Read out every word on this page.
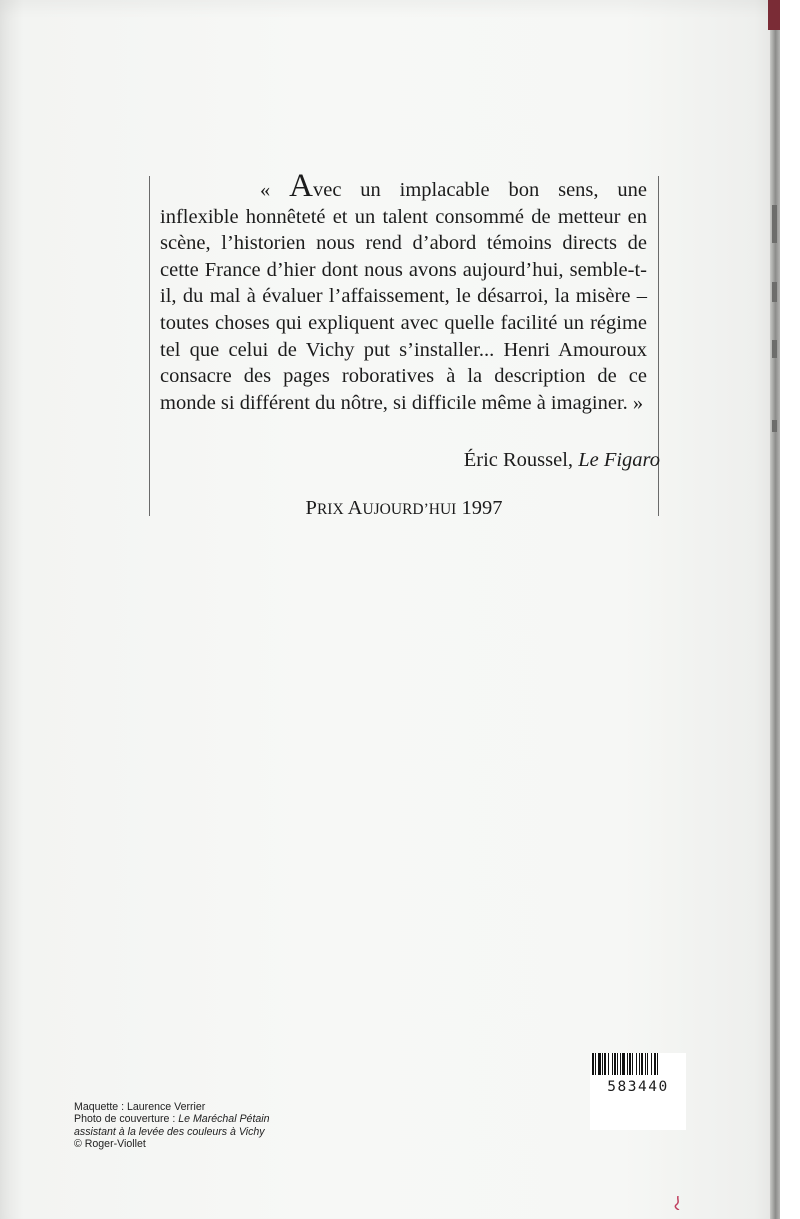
« Avec un implacable bon sens, une inflexible honnêteté et un talent consommé de metteur en scène, l’historien nous rend d’abord témoins directs de cette France d’hier dont nous avons aujourd’hui, semble-t-il, du mal à évaluer l’affaissement, le désarroi, la misère – toutes choses qui expliquent avec quelle facilité un régime tel que celui de Vichy put s’installer... Henri Amouroux consacre des pages roboratives à la description de ce monde si différent du nôtre, si difficile même à imaginer. »

Éric Roussel, Le Figaro
PRIX AUJOURD’HUI 1997
Maquette : Laurence Verrier
Photo de couverture : Le Maréchal Pétain
assistant à la levée des couleurs à Vichy
© Roger-Viollet
583440
